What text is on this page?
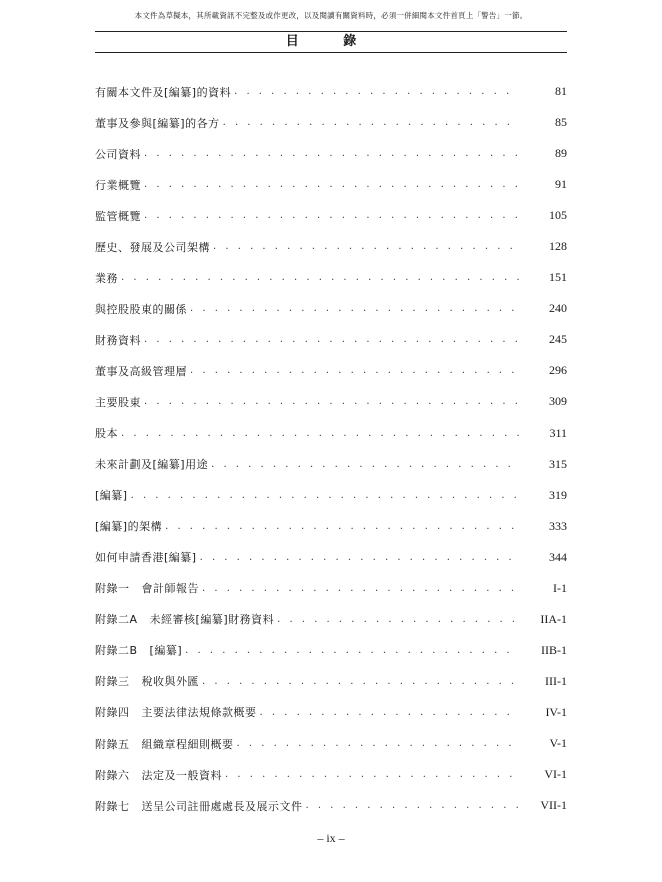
本文件為草擬本，其所載資訊不完整及或作更改，以及閱讀有關資料時，必須一併細閱本文件首頁上「警告」一節。
目 錄
有關本文件及[編纂]的資料 . . .	81
董事及參與[編纂]的各方 . . .	85
公司資料 . . .	89
行業概覽 . . .	91
監管概覽 . . .	105
歷史、發展及公司架構 . . .	128
業務 . . .	151
與控股股東的關係 . . .	240
財務資料 . . .	245
董事及高級管理層 . . .	296
主要股東 . . .	309
股本 . . .	311
未來計劃及[編纂]用途 . . .	315
[編纂] . . .	319
[編纂]的架構 . . .	333
如何申請香港[編纂] . . .	344
附錄一 會計師報告 . . .	I-1
附錄二A 未經審核[編纂]財務資料 . . .	IIA-1
附錄二B [編纂] . . .	IIB-1
附錄三 稅收與外匯 . . .	III-1
附錄四 主要法律法規條款概要 . . .	IV-1
附錄五 組織章程細則概要 . . .	V-1
附錄六 法定及一般資料 . . .	VI-1
附錄七 送呈公司註冊處處長及展示文件 . . .	VII-1
– ix –
